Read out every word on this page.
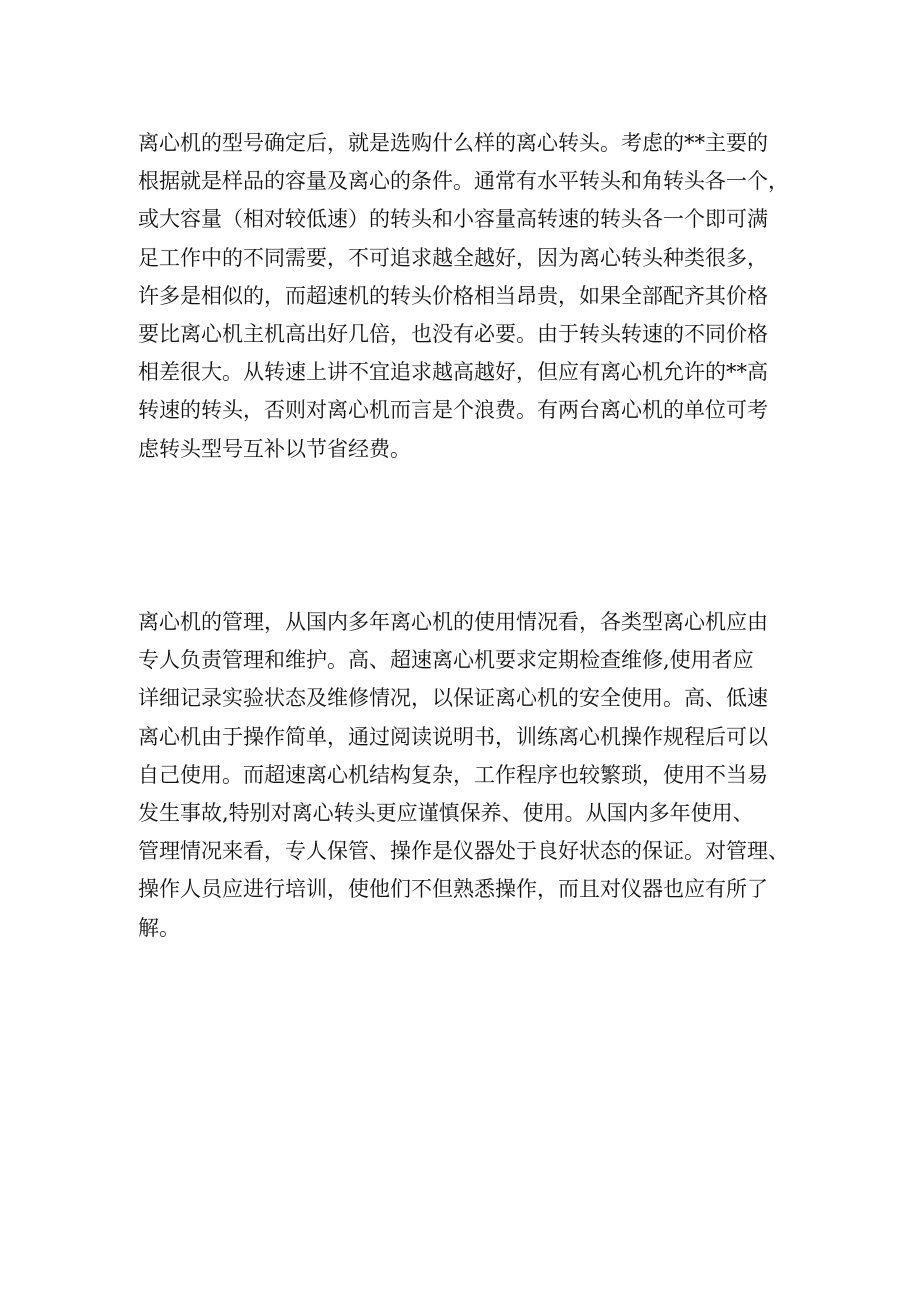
离心机的型号确定后，就是选购什么样的离心转头。考虑的**主要的
根据就是样品的容量及离心的条件。通常有水平转头和角转头各一个，
或大容量（相对较低速）的转头和小容量高转速的转头各一个即可满
足工作中的不同需要，不可追求越全越好，因为离心转头种类很多，
许多是相似的，而超速机的转头价格相当昂贵，如果全部配齐其价格
要比离心机主机高出好几倍，也没有必要。由于转头转速的不同价格
相差很大。从转速上讲不宜追求越高越好，但应有离心机允许的**高
转速的转头，否则对离心机而言是个浪费。有两台离心机的单位可考
虑转头型号互补以节省经费。
离心机的管理，从国内多年离心机的使用情况看，各类型离心机应由
专人负责管理和维护。高、超速离心机要求定期检查维修,使用者应
详细记录实验状态及维修情况，以保证离心机的安全使用。高、低速
离心机由于操作简单，通过阅读说明书，训练离心机操作规程后可以
自己使用。而超速离心机结构复杂，工作程序也较繁琐，使用不当易
发生事故,特别对离心转头更应谨慎保养、使用。从国内多年使用、
管理情况来看，专人保管、操作是仪器处于良好状态的保证。对管理、
操作人员应进行培训，使他们不但熟悉操作，而且对仪器也应有所了
解。
